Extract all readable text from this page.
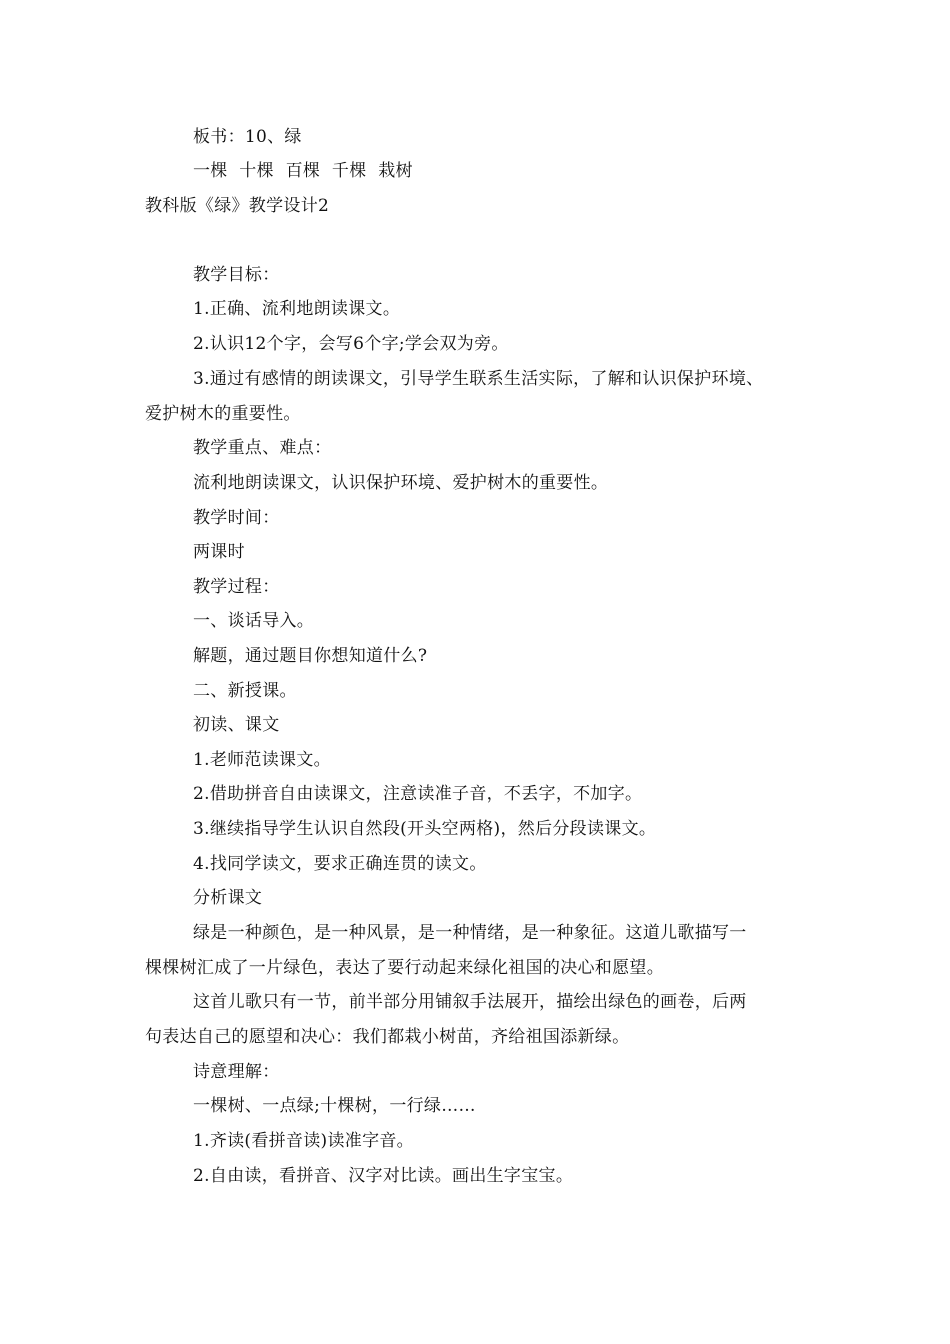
板书：10、绿
一棵 十棵 百棵 千棵 栽树
教科版《绿》教学设计2
教学目标：
1.正确、流利地朗读课文。
2.认识12个字，会写6个字;学会双为旁。
3.通过有感情的朗读课文，引导学生联系生活实际，了解和认识保护环境、
爱护树木的重要性。
教学重点、难点：
流利地朗读课文，认识保护环境、爱护树木的重要性。
教学时间：
两课时
教学过程：
一、谈话导入。
解题，通过题目你想知道什么?
二、新授课。
初读、课文
1.老师范读课文。
2.借助拼音自由读课文，注意读准子音，不丢字，不加字。
3.继续指导学生认识自然段(开头空两格)，然后分段读课文。
4.找同学读文，要求正确连贯的读文。
分析课文
绿是一种颜色，是一种风景，是一种情绪，是一种象征。这道儿歌描写一
棵棵树汇成了一片绿色，表达了要行动起来绿化祖国的决心和愿望。
这首儿歌只有一节，前半部分用铺叙手法展开，描绘出绿色的画卷，后两
句表达自己的愿望和决心：我们都栽小树苗，齐给祖国添新绿。
诗意理解：
一棵树、一点绿;十棵树，一行绿……
1.齐读(看拼音读)读准字音。
2.自由读，看拼音、汉字对比读。画出生字宝宝。
